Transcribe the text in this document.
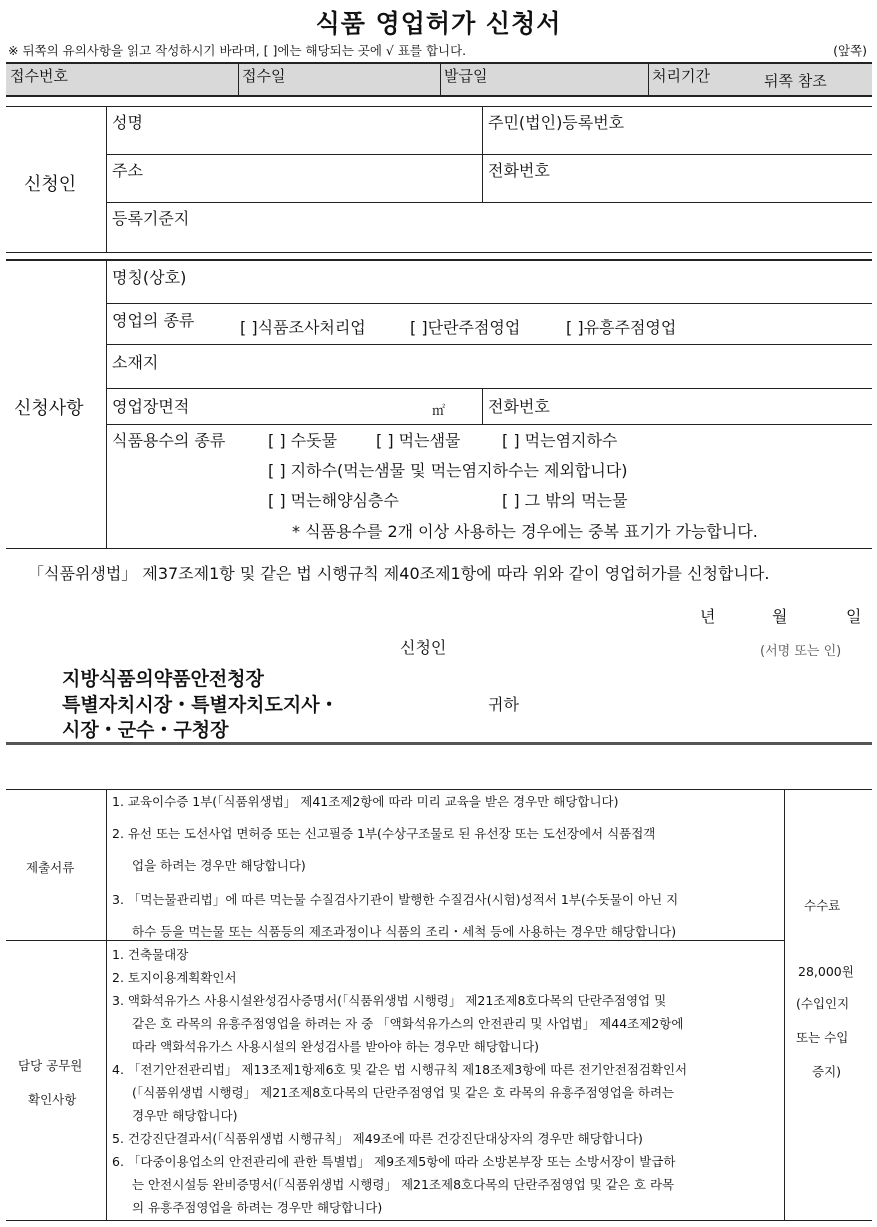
식품 영업허가 신청서
※ 뒤쪽의 유의사항을 읽고 작성하시기 바라며, [ ]에는 해당되는 곳에 √ 표를 합니다.	(앞쪽)
접수번호	접수일	발급일	처리기간	뒤쪽 참조
신청인
성명	주민(법인)등록번호
주소	전화번호
등록기준지
신청사항
명칭(상호)
영업의 종류	[ ]식품조사처리업	[ ]단란주점영업	[ ]유흥주점영업
소재지
영업장면적	㎡	전화번호
식품용수의 종류	[ ] 수돗물 [ ] 먹는샘물	[ ] 먹는염지하수
[ ] 지하수(먹는샘물 및 먹는염지하수는 제외합니다)
[ ] 먹는해양심층수	[ ] 그 밖의 먹는물
* 식품용수를 2개 이상 사용하는 경우에는 중복 표기가 가능합니다.
「식품위생법」 제37조제1항 및 같은 법 시행규칙 제40조제1항에 따라 위와 같이 영업허가를 신청합니다.
년	월	일
신청인	(서명 또는 인)
지방식품의약품안전청장
특별자치시장・특별자치도지사・
시장・군수・구청장
귀하
제출서류
1. 교육이수증 1부(「식품위생법」 제41조제2항에 따라 미리 교육을 받은 경우만 해당합니다)
2. 유선 또는 도선사업 면허증 또는 신고필증 1부(수상구조물로 된 유선장 또는 도선장에서 식품접객
업을 하려는 경우만 해당합니다)
3. 「먹는물관리법」에 따른 먹는물 수질검사기관이 발행한 수질검사(시험)성적서 1부(수돗물이 아닌 지
하수 등을 먹는물 또는 식품등의 제조과정이나 식품의 조리・세척 등에 사용하는 경우만 해당합니다)
담당 공무원
확인사항
1. 건축물대장
2. 토지이용계획확인서
3. 액화석유가스 사용시설완성검사증명서(「식품위생법 시행령」 제21조제8호다목의 단란주점영업 및
같은 호 라목의 유흥주점영업을 하려는 자 중 「액화석유가스의 안전관리 및 사업법」 제44조제2항에
따라 액화석유가스 사용시설의 완성검사를 받아야 하는 경우만 해당합니다)
4. 「전기안전관리법」 제13조제1항제6호 및 같은 법 시행규칙 제18조제3항에 따른 전기안전점검확인서
(「식품위생법 시행령」 제21조제8호다목의 단란주점영업 및 같은 호 라목의 유흥주점영업을 하려는
경우만 해당합니다)
5. 건강진단결과서(「식품위생법 시행규칙」 제49조에 따른 건강진단대상자의 경우만 해당합니다)
6. 「다중이용업소의 안전관리에 관한 특별법」 제9조제5항에 따라 소방본부장 또는 소방서장이 발급하
는 안전시설등 완비증명서(「식품위생법 시행령」 제21조제8호다목의 단란주점영업 및 같은 호 라목
의 유흥주점영업을 하려는 경우만 해당합니다)
수수료
28,000원
(수입인지
또는 수입
증지)
